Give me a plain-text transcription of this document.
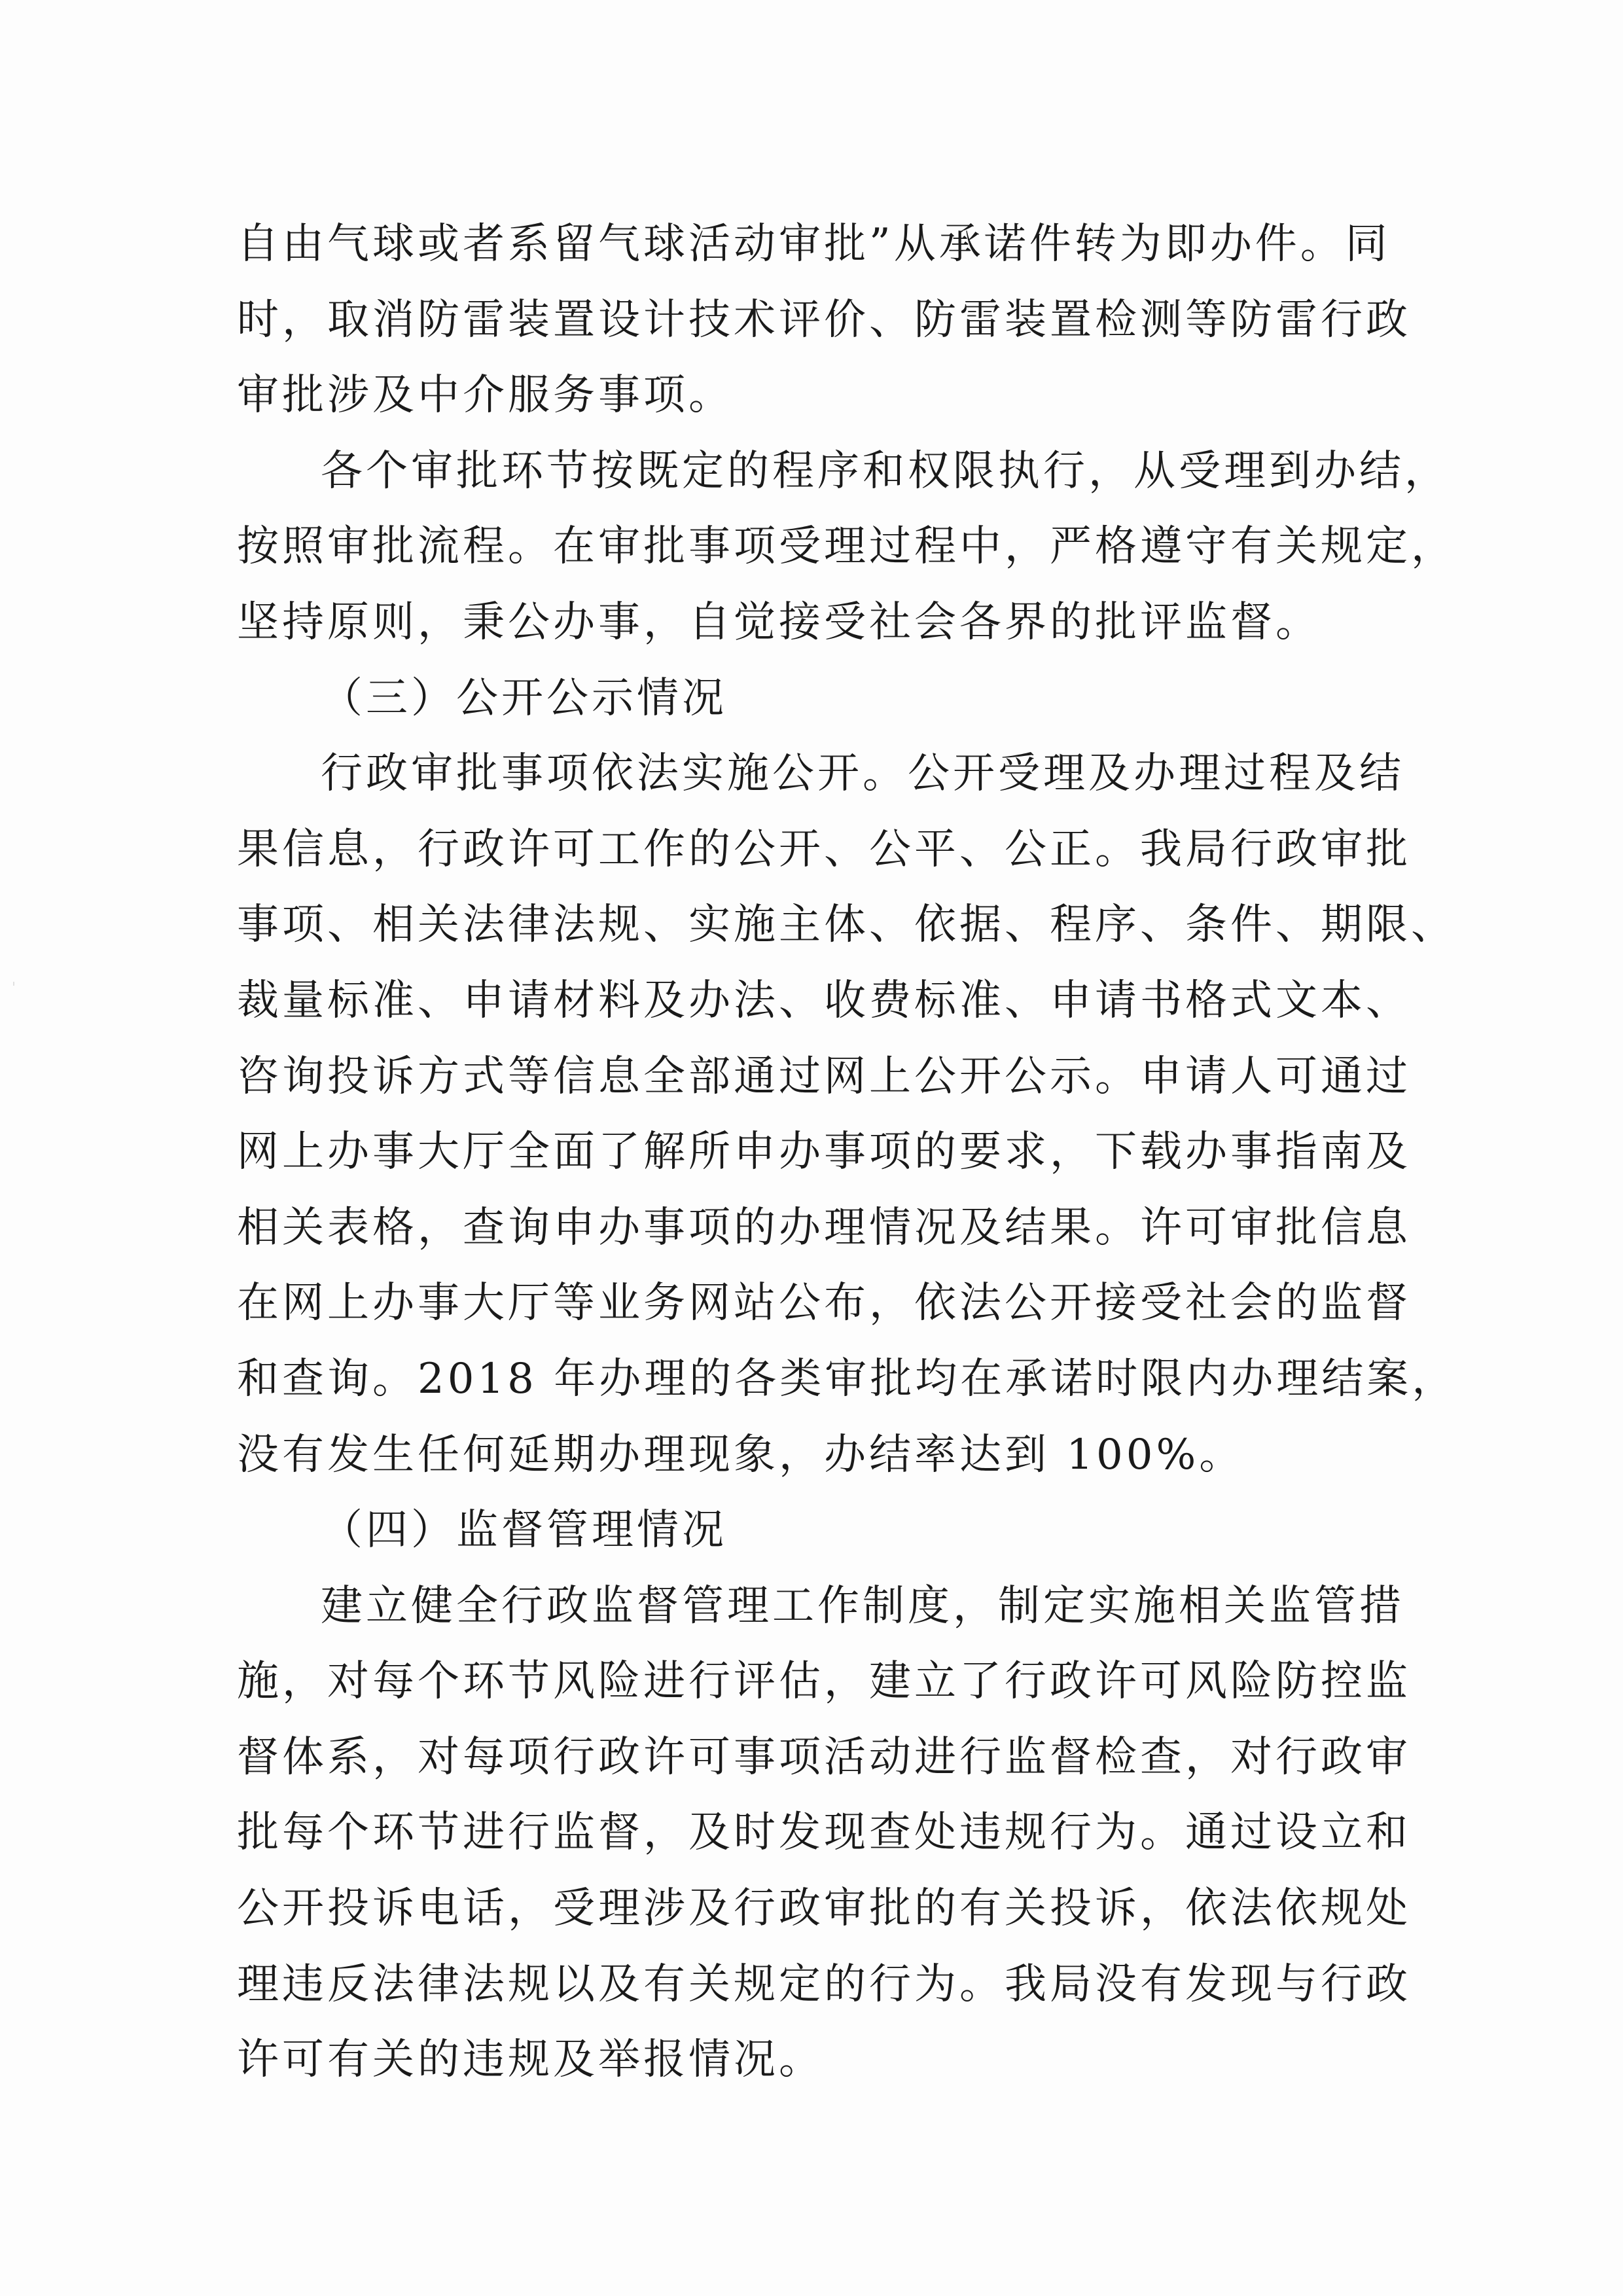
自由气球或者系留气球活动审批”从承诺件转为即办件。同
时，取消防雷装置设计技术评价、防雷装置检测等防雷行政
审批涉及中介服务事项。
各个审批环节按既定的程序和权限执行，从受理到办结，
按照审批流程。在审批事项受理过程中，严格遵守有关规定，
坚持原则，秉公办事，自觉接受社会各界的批评监督。
（三）公开公示情况
行政审批事项依法实施公开。公开受理及办理过程及结
果信息，行政许可工作的公开、公平、公正。我局行政审批
事项、相关法律法规、实施主体、依据、程序、条件、期限、
裁量标准、申请材料及办法、收费标准、申请书格式文本、
咨询投诉方式等信息全部通过网上公开公示。申请人可通过
网上办事大厅全面了解所申办事项的要求，下载办事指南及
相关表格，查询申办事项的办理情况及结果。许可审批信息
在网上办事大厅等业务网站公布，依法公开接受社会的监督
和查询。2018 年办理的各类审批均在承诺时限内办理结案，
没有发生任何延期办理现象，办结率达到 100%。
（四）监督管理情况
建立健全行政监督管理工作制度，制定实施相关监管措
施，对每个环节风险进行评估，建立了行政许可风险防控监
督体系，对每项行政许可事项活动进行监督检查，对行政审
批每个环节进行监督，及时发现查处违规行为。通过设立和
公开投诉电话，受理涉及行政审批的有关投诉，依法依规处
理违反法律法规以及有关规定的行为。我局没有发现与行政
许可有关的违规及举报情况。
